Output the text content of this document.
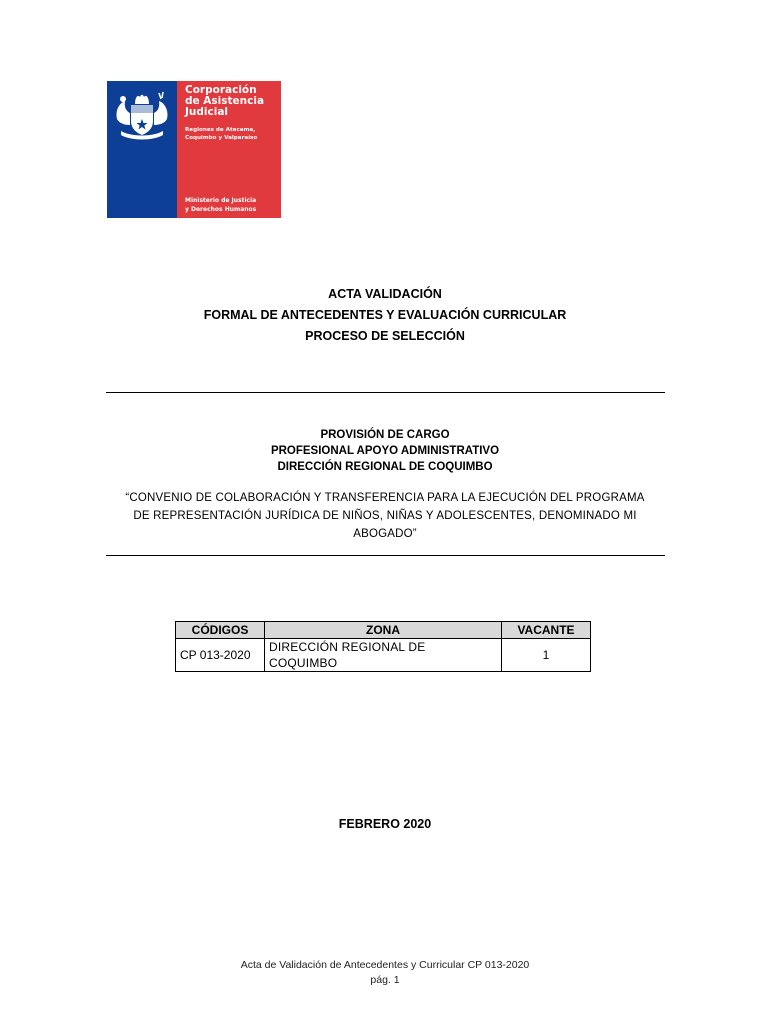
Corporación
de Asistencia
Judicial
Regiones de Atacama,
Coquimbo y Valparaíso
Ministerio de Justicia
y Derechos Humanos
ACTA VALIDACIÓN
FORMAL DE ANTECEDENTES Y EVALUACIÓN CURRICULAR
PROCESO DE SELECCIÓN
PROVISIÓN DE CARGO
PROFESIONAL APOYO ADMINISTRATIVO
DIRECCIÓN REGIONAL DE COQUIMBO
“CONVENIO DE COLABORACIÓN Y TRANSFERENCIA PARA LA EJECUCIÓN DEL PROGRAMA
DE REPRESENTACIÓN JURÍDICA DE NIÑOS, NIÑAS Y ADOLESCENTES, DENOMINADO MI
ABOGADO”
CÓDIGOS	ZONA	VACANTE
CP 013-2020	DIRECCIÓN REGIONAL DE COQUIMBO	1
FEBRERO 2020
Acta de Validación de Antecedentes y Curricular CP 013-2020
pág. 1
